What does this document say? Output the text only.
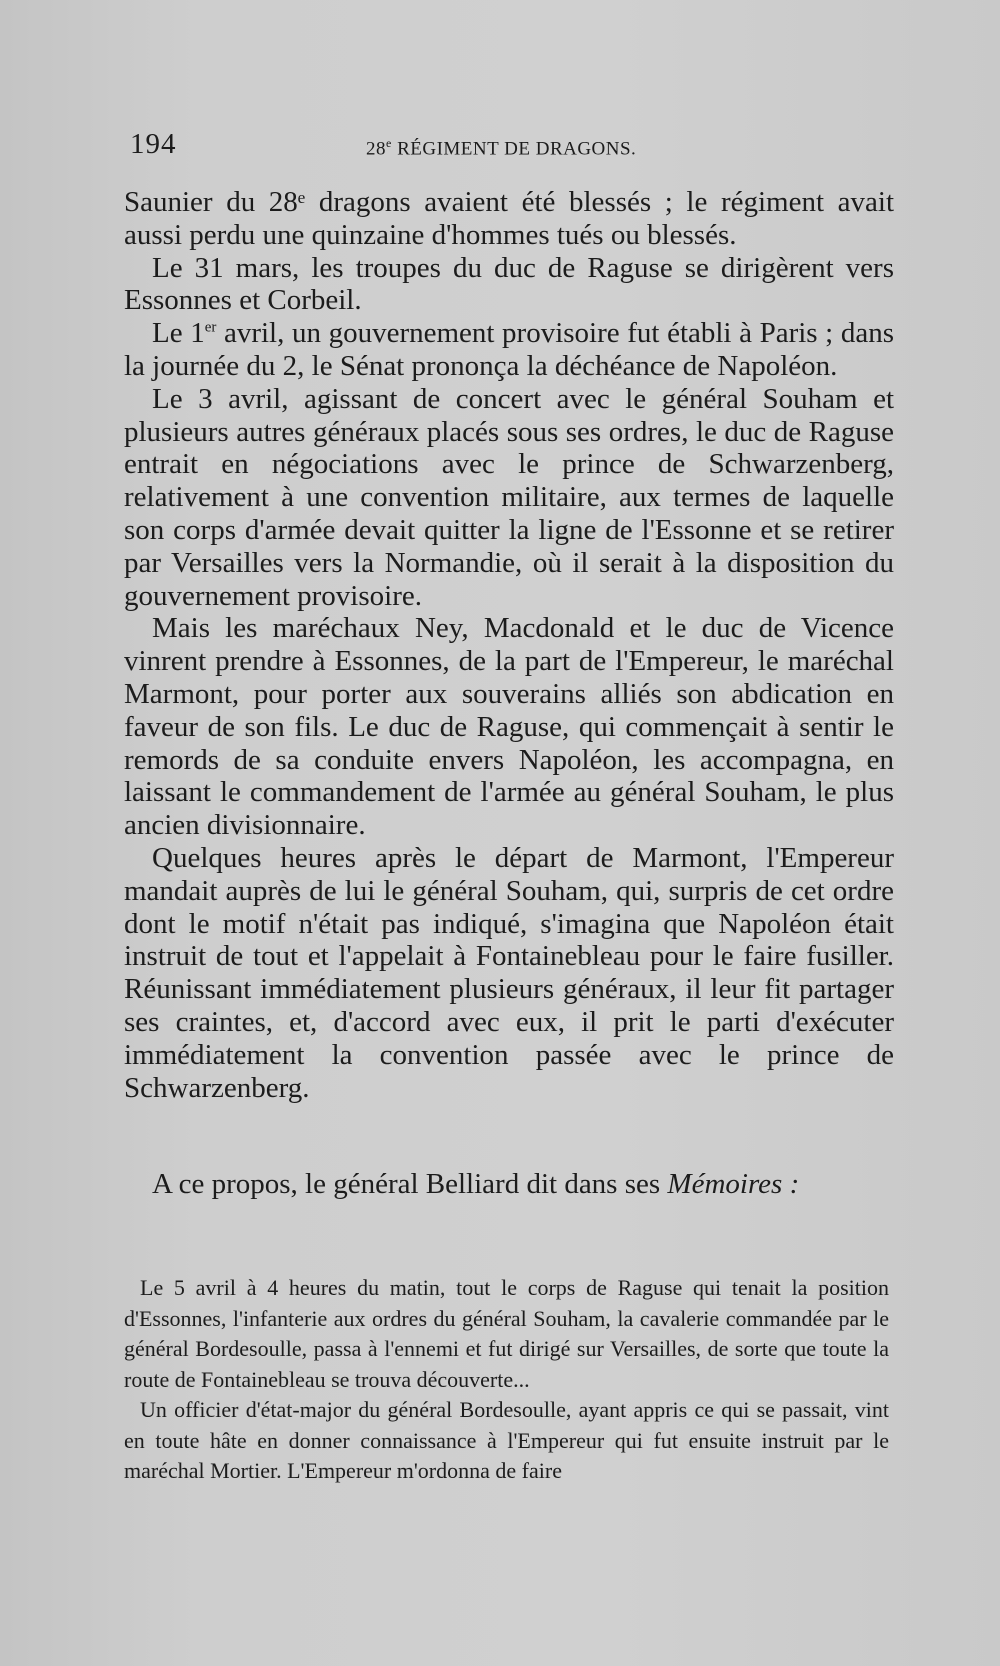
194	28e RÉGIMENT DE DRAGONS.

Saunier du 28ᵉ dragons avaient été blessés ; le régiment avait aussi perdu une quinzaine d'hommes tués ou blessés.

Le 31 mars, les troupes du duc de Raguse se dirigèrent vers Essonnes et Corbeil.

Le 1er avril, un gouvernement provisoire fut établi à Paris ; dans la journée du 2, le Sénat prononça la déchéance de Napoléon.

Le 3 avril, agissant de concert avec le général Souham et plusieurs autres généraux placés sous ses ordres, le duc de Raguse entrait en négociations avec le prince de Schwarzenberg, relativement à une convention militaire, aux termes de laquelle son corps d'armée devait quitter la ligne de l'Essonne et se retirer par Versailles vers la Normandie, où il serait à la disposition du gouvernement provisoire.

Mais les maréchaux Ney, Macdonald et le duc de Vicence vinrent prendre à Essonnes, de la part de l'Empereur, le maréchal Marmont, pour porter aux souverains alliés son abdication en faveur de son fils. Le duc de Raguse, qui commençait à sentir le remords de sa conduite envers Napoléon, les accompagna, en laissant le commandement de l'armée au général Souham, le plus ancien divisionnaire.

Quelques heures après le départ de Marmont, l'Empereur mandait auprès de lui le général Souham, qui, surpris de cet ordre dont le motif n'était pas indiqué, s'imagina que Napoléon était instruit de tout et l'appelait à Fontainebleau pour le faire fusiller. Réunissant immédiatement plusieurs généraux, il leur fit partager ses craintes, et, d'accord avec eux, il prit le parti d'exécuter immédiatement la convention passée avec le prince de Schwarzenberg.

A ce propos, le général Belliard dit dans ses Mémoires :

Le 5 avril à 4 heures du matin, tout le corps de Raguse qui tenait la position d'Essonnes, l'infanterie aux ordres du général Souham, la cavalerie commandée par le général Bordesoulle, passa à l'ennemi et fut dirigé sur Versailles, de sorte que toute la route de Fontainebleau se trouva découverte...

Un officier d'état-major du général Bordesoulle, ayant appris ce qui se passait, vint en toute hâte en donner connaissance à l'Empereur qui fut ensuite instruit par le maréchal Mortier. L'Empereur m'ordonna de faire
